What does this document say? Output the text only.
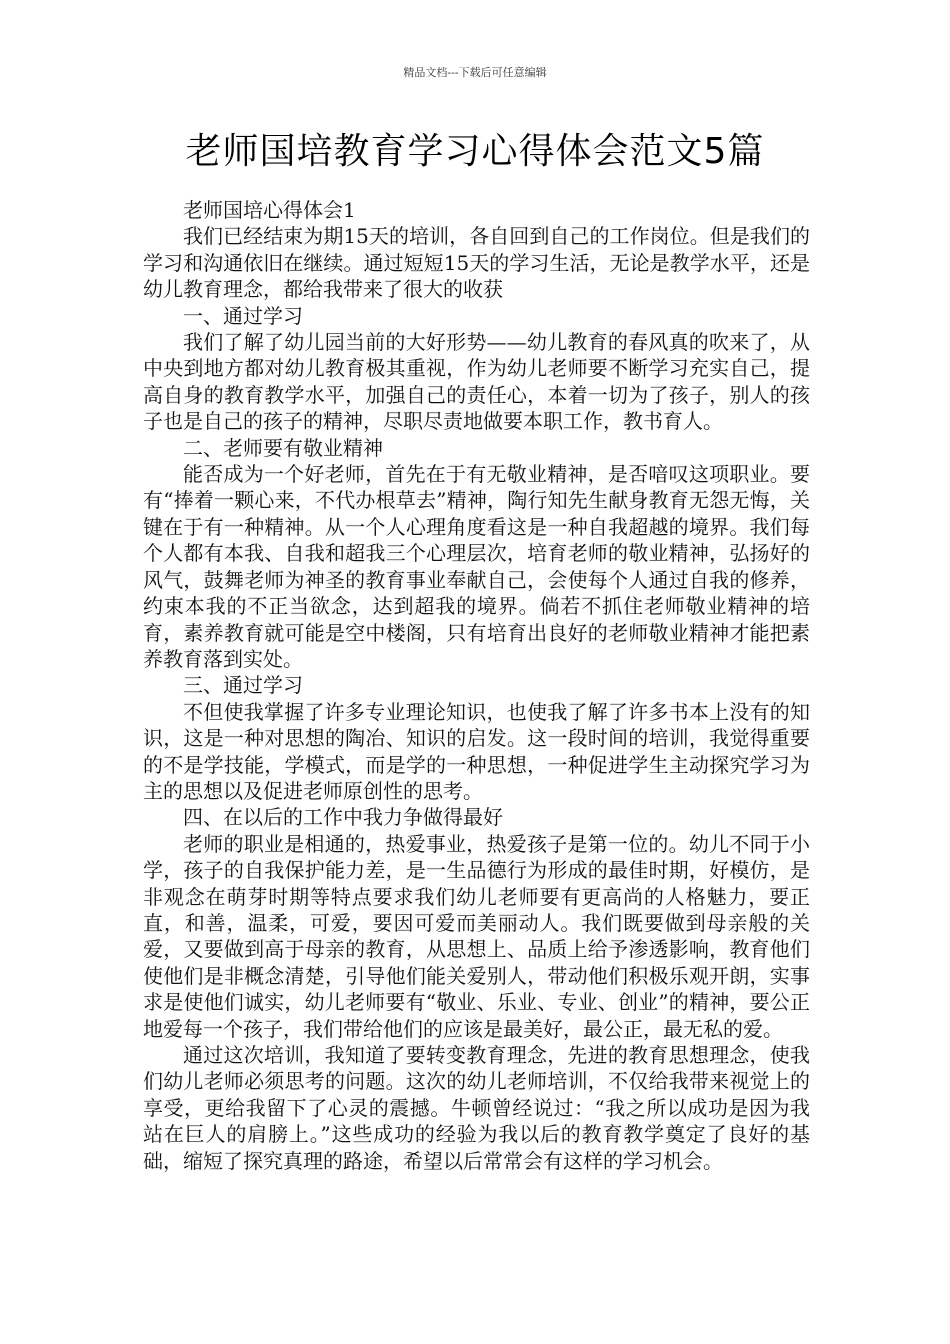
精品文档---下载后可任意编辑
老师国培教育学习心得体会范文5篇

老师国培心得体会1

我们已经结束为期15天的培训，各自回到自己的工作岗位。但是我们的学习和沟通依旧在继续。通过短短15天的学习生活，无论是教学水平，还是幼儿教育理念，都给我带来了很大的收获

一、通过学习

我们了解了幼儿园当前的大好形势——幼儿教育的春风真的吹来了，从中央到地方都对幼儿教育极其重视，作为幼儿老师要不断学习充实自己，提高自身的教育教学水平，加强自己的责任心，本着一切为了孩子，别人的孩子也是自己的孩子的精神，尽职尽责地做要本职工作，教书育人。

二、老师要有敬业精神

能否成为一个好老师，首先在于有无敬业精神，是否喑叹这项职业。要有“捧着一颗心来，不代办根草去”精神，陶行知先生献身教育无怨无悔，关键在于有一种精神。从一个人心理角度看这是一种自我超越的境界。我们每个人都有本我、自我和超我三个心理层次，培育老师的敬业精神，弘扬好的风气，鼓舞老师为神圣的教育事业奉献自己，会使每个人通过自我的修养，约束本我的不正当欲念，达到超我的境界。倘若不抓住老师敬业精神的培育，素养教育就可能是空中楼阁，只有培育出良好的老师敬业精神才能把素养教育落到实处。

三、通过学习

不但使我掌握了许多专业理论知识，也使我了解了许多书本上没有的知识，这是一种对思想的陶冶、知识的启发。这一段时间的培训，我觉得重要的不是学技能，学模式，而是学的一种思想，一种促进学生主动探究学习为主的思想以及促进老师原创性的思考。

四、在以后的工作中我力争做得最好

老师的职业是相通的，热爱事业，热爱孩子是第一位的。幼儿不同于小学，孩子的自我保护能力差，是一生品德行为形成的最佳时期，好模仿，是非观念在萌芽时期等特点要求我们幼儿老师要有更高尚的人格魅力，要正直，和善，温柔，可爱，要因可爱而美丽动人。我们既要做到母亲般的关爱，又要做到高于母亲的教育，从思想上、品质上给予渗透影响，教育他们使他们是非概念清楚，引导他们能关爱别人，带动他们积极乐观开朗，实事求是使他们诚实，幼儿老师要有“敬业、乐业、专业、创业”的精神，要公正地爱每一个孩子，我们带给他们的应该是最美好，最公正，最无私的爱。

通过这次培训，我知道了要转变教育理念，先进的教育思想理念，使我们幼儿老师必须思考的问题。这次的幼儿老师培训，不仅给我带来视觉上的享受，更给我留下了心灵的震撼。牛顿曾经说过：“我之所以成功是因为我站在巨人的肩膀上。”这些成功的经验为我以后的教育教学奠定了良好的基础，缩短了探究真理的路途，希望以后常常会有这样的学习机会。
